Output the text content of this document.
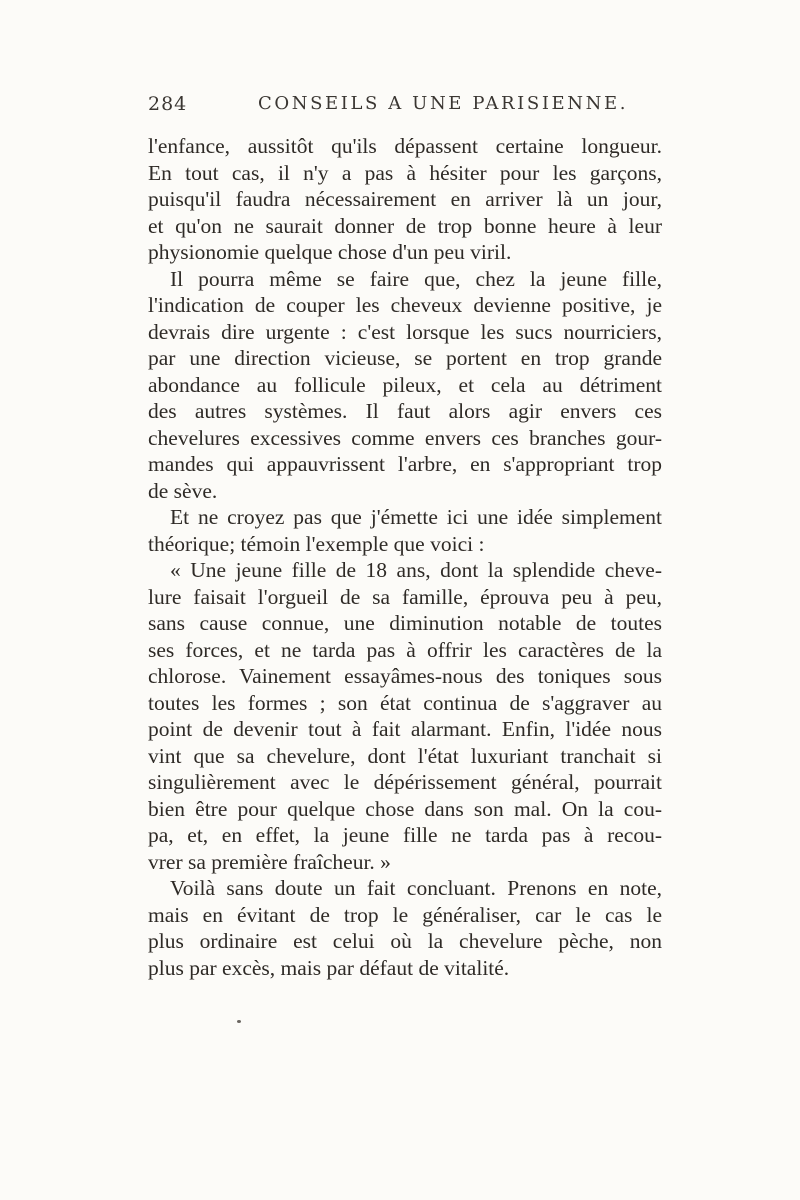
284	CONSEILS A UNE PARISIENNE.
l'enfance, aussitôt qu'ils dépassent certaine longueur.
En tout cas, il n'y a pas à hésiter pour les garçons,
puisqu'il faudra nécessairement en arriver là un jour,
et qu'on ne saurait donner de trop bonne heure à leur
physionomie quelque chose d'un peu viril.
Il pourra même se faire que, chez la jeune fille,
l'indication de couper les cheveux devienne positive, je
devrais dire urgente : c'est lorsque les sucs nourriciers,
par une direction vicieuse, se portent en trop grande
abondance au follicule pileux, et cela au détriment
des autres systèmes. Il faut alors agir envers ces
chevelures excessives comme envers ces branches gour-
mandes qui appauvrissent l'arbre, en s'appropriant trop
de sève.
Et ne croyez pas que j'émette ici une idée simplement
théorique; témoin l'exemple que voici :
« Une jeune fille de 18 ans, dont la splendide cheve-
lure faisait l'orgueil de sa famille, éprouva peu à peu,
sans cause connue, une diminution notable de toutes
ses forces, et ne tarda pas à offrir les caractères de la
chlorose. Vainement essayâmes-nous des toniques sous
toutes les formes ; son état continua de s'aggraver au
point de devenir tout à fait alarmant. Enfin, l'idée nous
vint que sa chevelure, dont l'état luxuriant tranchait si
singulièrement avec le dépérissement général, pourrait
bien être pour quelque chose dans son mal. On la cou-
pa, et, en effet, la jeune fille ne tarda pas à recou-
vrer sa première fraîcheur. »
Voilà sans doute un fait concluant. Prenons en note,
mais en évitant de trop le généraliser, car le cas le
plus ordinaire est celui où la chevelure pèche, non
plus par excès, mais par défaut de vitalité.
